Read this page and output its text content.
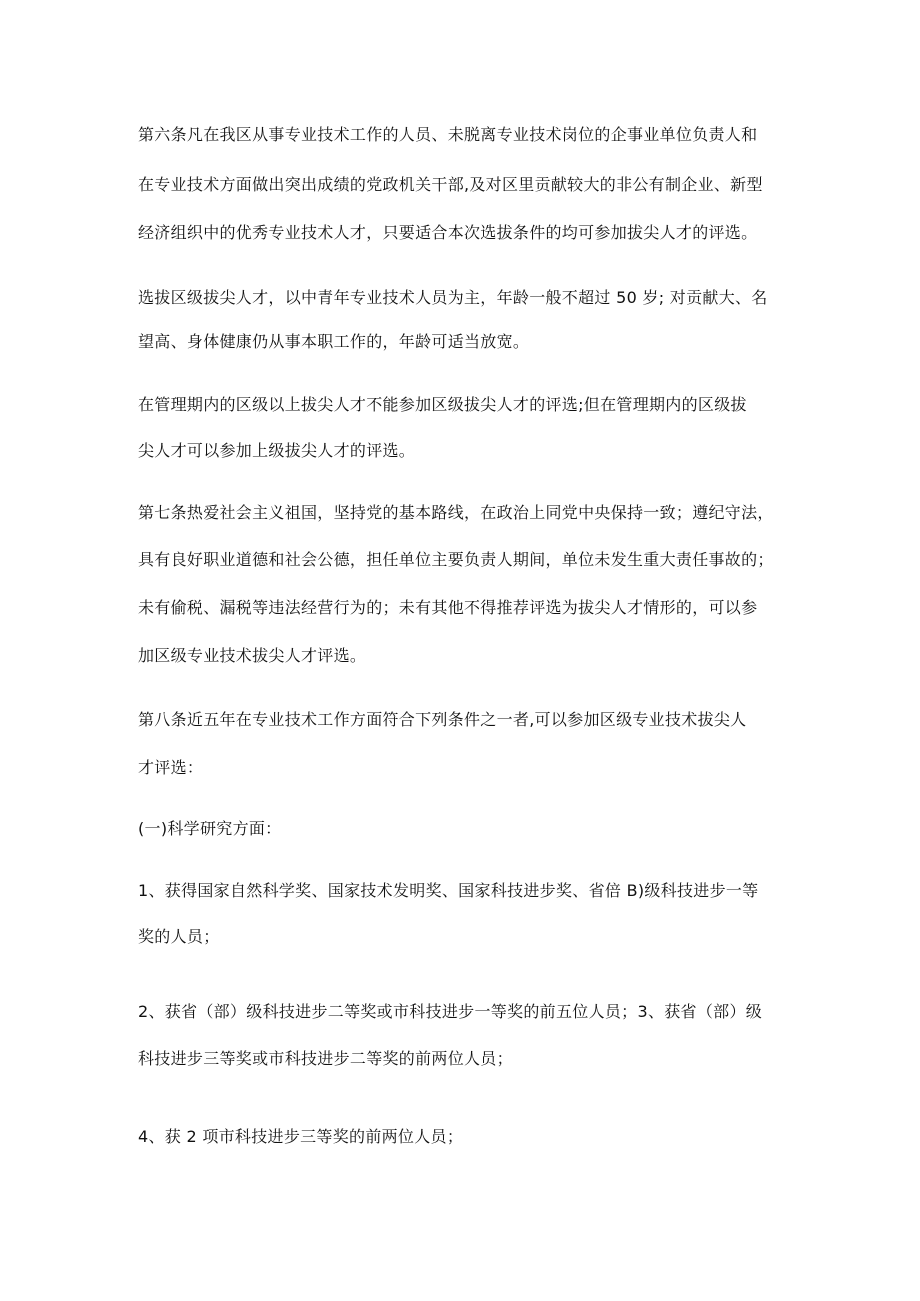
第六条凡在我区从事专业技术工作的人员、未脱离专业技术岗位的企事业单位负责人和
在专业技术方面做出突出成绩的党政机关干部,及对区里贡献较大的非公有制企业、新型
经济组织中的优秀专业技术人才，只要适合本次选拔条件的均可参加拔尖人才的评选。
选拔区级拔尖人才，以中青年专业技术人员为主，年龄一般不超过 50 岁; 对贡献大、名
望高、身体健康仍从事本职工作的，年龄可适当放宽。
在管理期内的区级以上拔尖人才不能参加区级拔尖人才的评选;但在管理期内的区级拔
尖人才可以参加上级拔尖人才的评选。
第七条热爱社会主义祖国，坚持党的基本路线，在政治上同党中央保持一致；遵纪守法，
具有良好职业道德和社会公德，担任单位主要负责人期间，单位未发生重大责任事故的；
未有偷税、漏税等违法经营行为的；未有其他不得推荐评选为拔尖人才情形的，可以参
加区级专业技术拔尖人才评选。
第八条近五年在专业技术工作方面符合下列条件之一者,可以参加区级专业技术拔尖人
才评选：
(一)科学研究方面：
1、获得国家自然科学奖、国家技术发明奖、国家科技进步奖、省倍 B)级科技进步一等
奖的人员；
2、获省（部）级科技进步二等奖或市科技进步一等奖的前五位人员；3、获省（部）级
科技进步三等奖或市科技进步二等奖的前两位人员；
4、获 2 项市科技进步三等奖的前两位人员；
